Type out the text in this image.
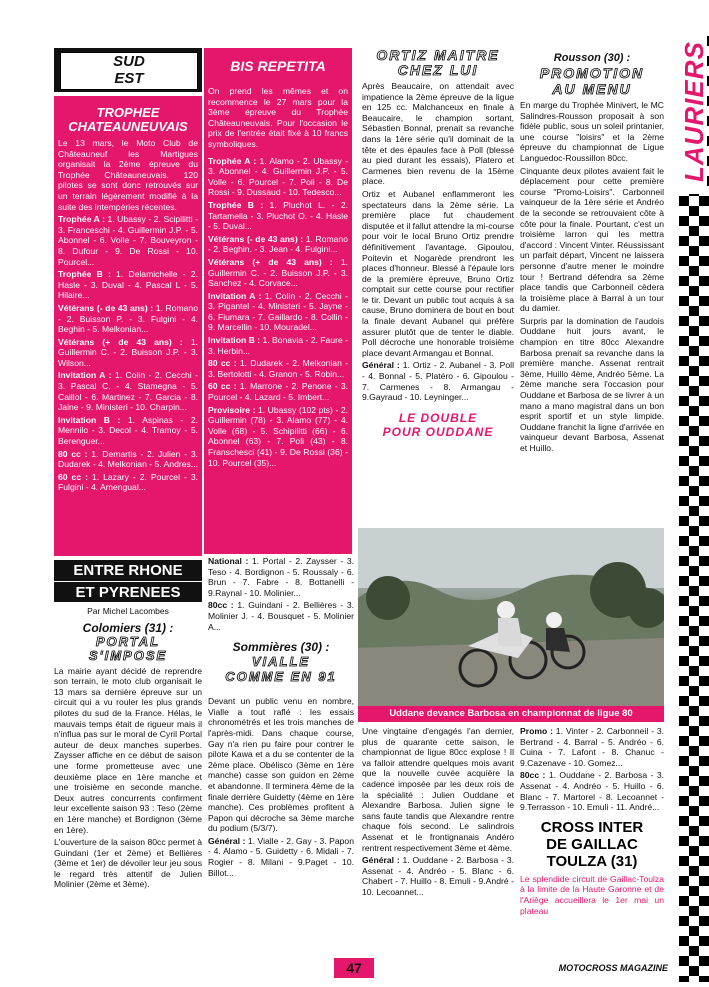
SUD
EST
TROPHEE CHATEAUNEUVAIS

Le 13 mars, le Moto Club de Châteauneuf les Martigues organisait la 2ème épreuve du Trophée Châteauneuvais. 120 pilotes se sont donc retrouvés sur un terrain légèrement modifié à la suite des intempéries récentes.

Trophée A : 1. Ubassy - 2. Scipilitti - 3. Franceschi - 4. Guillermin J.P. - 5. Abonnel - 6. Volle - 7. Bouveyron - 8. Dufour - 9. De Rossi - 10. Pourcel...

Trophée B : 1. Delamichelle - 2. Hasle - 3. Duval - 4. Pascal L - 5. Hilaire...

Vétérans (- de 43 ans) : 1. Romano - 2. Buisson P. - 3. Fulgini - 4. Beghin - 5. Melkonian...

Vétérans (+ de 43 ans) : 1. Guillermin C. - 2. Buisson J.P. - 3. Wilson...

Invitation A : 1. Colin - 2. Cecchi - 3. Pascal C. - 4. Stamegna - 5. Caillol - 6. Martinez - 7. Garcia - 8. Jaine - 9. Ministeri - 10. Charpin...

Invitation B : 1. Aspinas - 2. Mennilo - 3. Decol - 4. Tramoy - 5. Berenguer...

80 cc : 1. Demartis - 2. Julien - 3. Dudarek - 4. Melkonian - 5. Andres...

60 cc : 1. Lazary - 2. Pourcel - 3. Fulgini - 4. Amengual...

BIS REPETITA

On prend les mêmes et on recommence le 27 mars pour la 3ème épreuve du Trophée Châteauneuvais. Pour l'occasion le prix de l'entrée était fixé à 10 francs symboliques.

Trophée A : 1. Alamo - 2. Ubassy - 3. Abonnel - 4. Guillermin J.P. - 5. Volle - 6. Pourcel - 7. Poli - 8. De Rossi - 9. Dussaud - 10. Tedesco...

Trophée B : 1. Pluchot L. - 2. Tartamella - 3. Pluchot O. - 4. Hasle - 5. Duval...

Vétérans (- de 43 ans) : 1. Romano - 2. Beghin. - 3. Jean - 4. Fulgini...

Vétérans (+ de 43 ans) : 1. Guillermin C. - 2. Buisson J.P. - 3. Sanchez - 4. Corvace...

Invitation A : 1. Colin - 2. Cecchi - 3. Pigantel - 4. Ministeri - 5. Jayne - 6. Fiumara - 7. Gaillardo - 8. Collin - 9. Marcellin - 10. Mouradel...

Invitation B : 1. Bonavia - 2. Faure - 3. Herbin...

80 cc : 1. Dudarek - 2. Melkonian - 3. Bertolotti - 4. Granon - 5. Robin...

60 cc : 1. Marrone - 2. Penone - 3. Pourcel - 4. Lazard - 5. Imbert...

Provisoire : 1. Ubassy (102 pts) - 2. Guillermin (78) - 3. Alamo (77) - 4. Volle (68) - 5. Schipilitti (66) - 6. Abonnel (63) - 7. Poli (43) - 8. Franschesci (41) - 9. De Rossi (36) - 10. Pourcel (35)...

ORTIZ MAITRE
CHEZ LUI

Après Beaucaire, on attendait avec impatience la 2ème épreuve de la ligue en 125 cc. Malchanceux en finale à Beaucaire, le champion sortant, Sébastien Bonnal, prenait sa revanche dans la 1ère série qu'il dominait de la tête et des épaules face à Poll (blessé au pied durant les essais), Platero et Carmenes bien revenu de la 15ème place.

Ortiz et Aubanel enflammeront les spectateurs dans la 2ème série. La première place fut chaudement disputée et il fallut attendre la mi-course pour voir le local Bruno Ortiz prendre définitivement l'avantage. Gipoulou, Poitevin et Nogarède prendront les places d'honneur. Blessé à l'épaule lors de la première épreuve, Bruno Ortiz comptait sur cette course pour rectifier le tir. Devant un public tout acquis à sa cause, Bruno dominera de bout en bout la finale devant Aubanel qui préfère assurer plutôt que de tenter le diable. Poll décroche une honorable troisième place devant Armangau et Bonnal.

Général : 1. Ortiz - 2. Aubanel - 3. Poll - 4. Bonnal - 5. Platéro - 6. Gipoulou - 7. Carmenes - 8. Armangau - 9.Gayraud - 10. Leyninger...

LE DOUBLE
POUR OUDDANE
Rousson (30) :
PROMOTION
AU MENU

En marge du Trophée Minivert, le MC Salindres-Rousson proposait à son fidèle public, sous un soleil printanier, une course "loisirs" et la 2ème épreuve du championnat de Ligue Languedoc-Roussillon 80cc.

Cinquante deux pilotes avaient fait le déplacement pour cette première course "Promo-Loisirs". Carbonneil vainqueur de la 1ère série et Andréo de la seconde se retrouvaient côte à côte pour la finale. Pourtant, c'est un troisième larron qui les mettra d'accord : Vincent Vinter. Réussissant un parfait départ, Vincent ne laissera personne d'autre mener le moindre tour ! Bertrand défendra sa 2ème place tandis que Carbonneil cèdera la troisième place à Barral à un tour du damier.

Surpris par la domination de l'audois Ouddane huit jours avant, le champion en titre 80cc Alexandre Barbosa prenait sa revanche dans la première manche. Assenat rentrait 3ème, Huillo 4ème, Andréo 5ème. La 2ème manche sera l'occasion pour Ouddane et Barbosa de se livrer à un mano a mano magistral dans un bon esprit sportif et un style limpide. Ouddane franchit la ligne d'arrivée en vainqueur devant Barbosa, Assenat et Huillo.

LAURIERS
ENTRE RHONE
ET PYRENEES
Par Michel Lacombes
Colomiers (31) :
PORTAL
S'IMPOSE

La mairie ayant décidé de reprendre son terrain, le moto club organisait le 13 mars sa dernière épreuve sur un circuit qui a vu rouler les plus grands pilotes du sud de la France. Hélas, le mauvais temps était de rigueur mais il n'influa pas sur le moral de Cyril Portal auteur de deux manches superbes. Zaysser affiche en ce début de saison une forme prometteuse avec une deuxième place en 1ère manche et une troisième en seconde manche. Deux autres concurrents confirment leur excellente saison 93 : Teso (2ème en 1ère manche) et Bordignon (3ème en 1ère).

L'ouverture de la saison 80cc permet à Guindani (1er et 2ème) et Bellières (3ème et 1er) de dévoiler leur jeu sous le regard très attentif de Julien Molinier (2ème et 3ème).

National : 1. Portal - 2. Zaysser - 3. Teso - 4. Bordignon - 5. Roussaly - 6. Brun - 7. Fabre - 8. Bottanelli - 9.Raynal - 10. Molinier...

80cc : 1. Guindani - 2. Bellières - 3. Molinier J. - 4. Bousquet - 5. Molinier A...

Sommières (30) :
VIALLE
COMME EN 91

Devant un public venu en nombre, Vialle a tout raflé : les essais chronométrés et les trois manches de l'après-midi. Dans chaque course, Gay n'a rien pu faire pour contrer le pilote Kawa et a du se contenter de la 2ème place. Obélisco (3ème en 1ère manche) casse son guidon en 2ème et abandonne. Il terminera 4ème de la finale derrière Guidetty (4ème en 1ère manche). Ces problèmes profitent à Papon qui décroche sa 3ème marche du podium (5/3/7).

Général : 1. Vialle - 2. Gay - 3. Papon - 4. Alamo - 5. Guidetty - 6. Midali - 7. Rogier - 8. Milani - 9.Paget - 10. Billot...

Uddane devance Barbosa en championnat de ligue 80

Une vingtaine d'engagés l'an dernier, plus de quarante cette saison, le championnat de ligue 80cc explose ! Il va falloir attendre quelques mois avant que la nouvelle cuvée acquière la cadence imposée par les deux rois de la spécialité : Julien Ouddane et Alexandre Barbosa. Julien signe le sans faute tandis que Alexandre rentre chaque fois second. Le salindrois Assenat et le frontignanais Andéro rentrent respectivement 3ème et 4ème.

Général : 1. Ouddane - 2. Barbosa - 3. Assenat - 4. Andréo - 5. Blanc - 6. Chabert - 7. Huillo - 8. Emuli - 9.André - 10. Lecoannet...

Promo : 1. Vinter - 2. Carbonneil - 3. Bertrand - 4. Barral - 5. Andréo - 6. Cuina - 7. Lafont - 8. Chanuc - 9.Cazenave - 10. Gomez...

80cc : 1. Ouddane - 2. Barbosa - 3. Assenat - 4. Andréo - 5. Huillo - 6. Blanc - 7. Martorel - 8. Lecoannet - 9.Terrasson - 10. Emuli - 11. André...

CROSS INTER
DE GAILLAC
TOULZA (31)

Le splendide circuit de Gaillac-Toulza à la limite de la Haute Garonne et de l'Ariège accueillera le 1er mai un plateau

47	MOTOCROSS MAGAZINE
